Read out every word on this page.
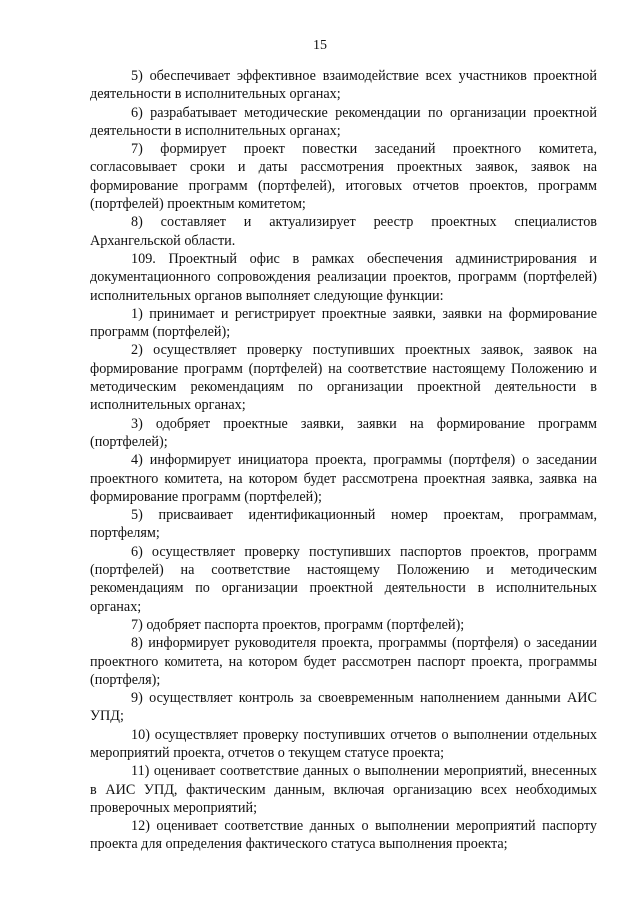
15

5) обеспечивает эффективное взаимодействие всех участников проектной деятельности в исполнительных органах;

6) разрабатывает методические рекомендации по организации проектной деятельности в исполнительных органах;

7) формирует проект повестки заседаний проектного комитета, согласовывает сроки и даты рассмотрения проектных заявок, заявок на формирование программ (портфелей), итоговых отчетов проектов, программ (портфелей) проектным комитетом;

8) составляет и актуализирует реестр проектных специалистов Архангельской области.

109. Проектный офис в рамках обеспечения администрирования и документационного сопровождения реализации проектов, программ (портфелей) исполнительных органов выполняет следующие функции:

1) принимает и регистрирует проектные заявки, заявки на формирование программ (портфелей);

2) осуществляет проверку поступивших проектных заявок, заявок на формирование программ (портфелей) на соответствие настоящему Положению и методическим рекомендациям по организации проектной деятельности в исполнительных органах;

3) одобряет проектные заявки, заявки на формирование программ (портфелей);

4) информирует инициатора проекта, программы (портфеля) о заседании проектного комитета, на котором будет рассмотрена проектная заявка, заявка на формирование программ (портфелей);

5) присваивает идентификационный номер проектам, программам, портфелям;

6) осуществляет проверку поступивших паспортов проектов, программ (портфелей) на соответствие настоящему Положению и методическим рекомендациям по организации проектной деятельности в исполнительных органах;

7) одобряет паспорта проектов, программ (портфелей);

8) информирует руководителя проекта, программы (портфеля) о заседании проектного комитета, на котором будет рассмотрен паспорт проекта, программы (портфеля);

9) осуществляет контроль за своевременным наполнением данными АИС УПД;

10) осуществляет проверку поступивших отчетов о выполнении отдельных мероприятий проекта, отчетов о текущем статусе проекта;

11) оценивает соответствие данных о выполнении мероприятий, внесенных в АИС УПД, фактическим данным, включая организацию всех необходимых проверочных мероприятий;

12) оценивает соответствие данных о выполнении мероприятий паспорту проекта для определения фактического статуса выполнения проекта;
